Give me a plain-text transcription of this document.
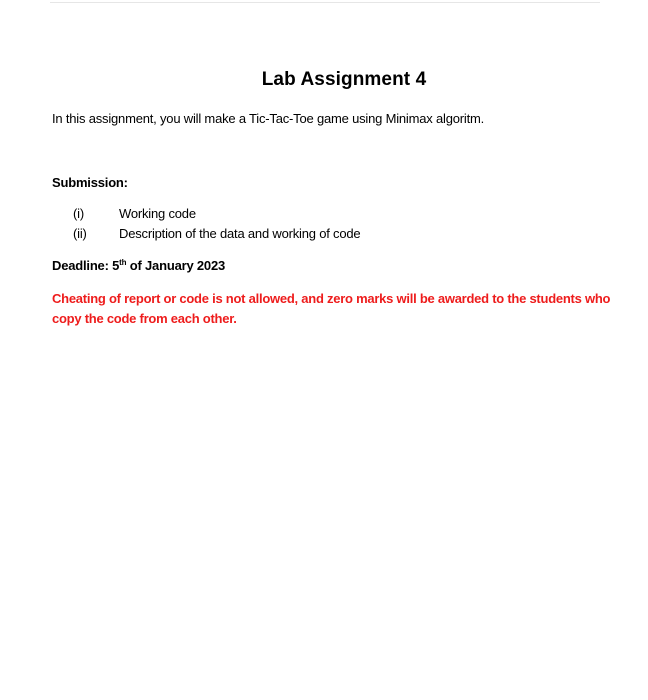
Lab Assignment 4
In this assignment, you will make a Tic-Tac-Toe game using Minimax algoritm.
Submission:
(i)	Working code
(ii) Description of the data and working of code
Deadline: 5th of January 2023
Cheating of report or code is not allowed, and zero marks will be awarded to the students who copy the code from each other.
